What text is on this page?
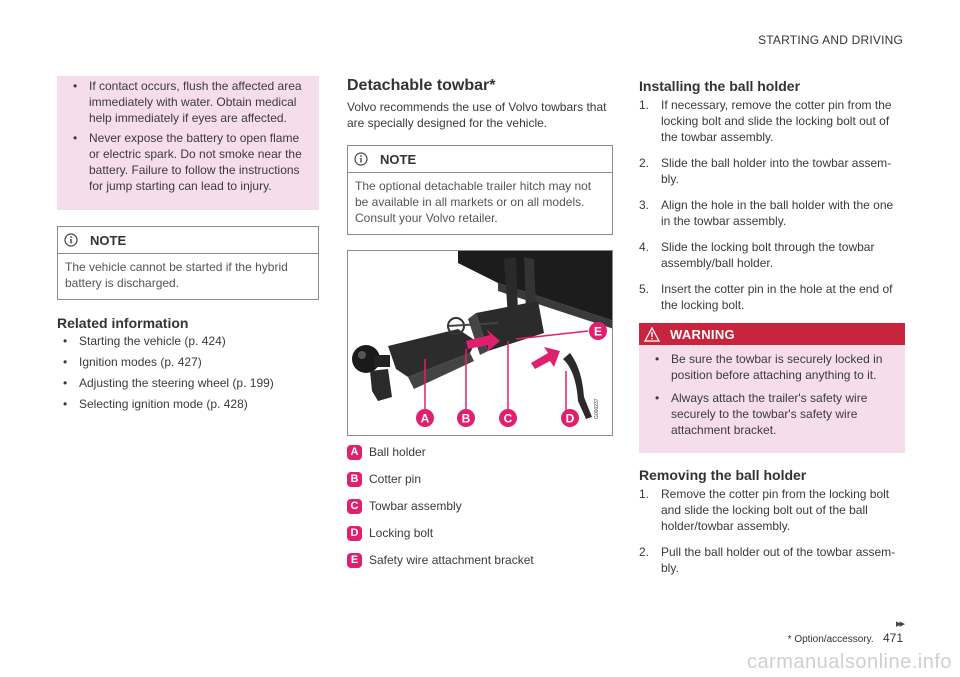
STARTING AND DRIVING
• If contact occurs, flush the affected area immediately with water. Obtain medical help immediately if eyes are affected.
• Never expose the battery to open flame or electric spark. Do not smoke near the battery. Failure to follow the instructions for jump starting can lead to injury.
NOTE
The vehicle cannot be started if the hybrid battery is discharged.
Related information
• Starting the vehicle (p. 424)
• Ignition modes (p. 427)
• Adjusting the steering wheel (p. 199)
• Selecting ignition mode (p. 428)
Detachable towbar*
Volvo recommends the use of Volvo towbars that are specially designed for the vehicle.
NOTE
The optional detachable trailer hitch may not be available in all markets or on all models. Consult your Volvo retailer.
A	B	C	D
E
G000237
A Ball holder
B Cotter pin
C Towbar assembly
D Locking bolt
E Safety wire attachment bracket
Installing the ball holder
1. If necessary, remove the cotter pin from the locking bolt and slide the locking bolt out of the towbar assembly.
2. Slide the ball holder into the towbar assem-bly.
3. Align the hole in the ball holder with the one in the towbar assembly.
4. Slide the locking bolt through the towbar assembly/ball holder.
5. Insert the cotter pin in the hole at the end of the locking bolt.
WARNING
• Be sure the towbar is securely locked in position before attaching anything to it.
• Always attach the trailer's safety wire securely to the towbar's safety wire attachment bracket.
Removing the ball holder
1. Remove the cotter pin from the locking bolt and slide the locking bolt out of the ball holder/towbar assembly.
2. Pull the ball holder out of the towbar assem-bly.
▸▸
* Option/accessory. 471
carmanualsonline.info
